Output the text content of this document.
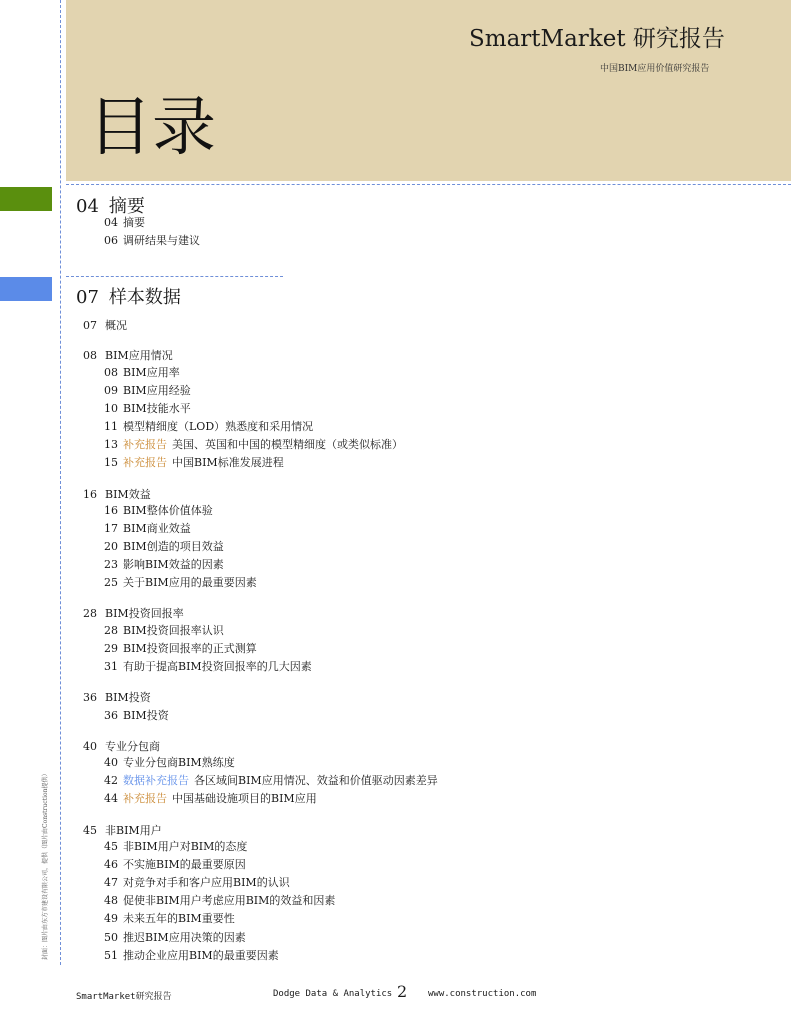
SmartMarket 研究报告
中国BIM应用价值研究报告
目录
04 摘要
04 摘要
06 调研结果与建议
07 样本数据
07 概况
08 BIM应用情况
08 BIM应用率
09 BIM应用经验
10 BIM技能水平
11 模型精细度（LOD）熟悉度和采用情况
13 补充报告 美国、英国和中国的模型精细度（或类似标准）
15 补充报告 中国BIM标准发展进程
16 BIM效益
16 BIM整体价值体验
17 BIM商业效益
20 BIM创造的项目效益
23 影响BIM效益的因素
25 关于BIM应用的最重要因素
28 BIM投资回报率
28 BIM投资回报率认识
29 BIM投资回报率的正式测算
31 有助于提高BIM投资回报率的几大因素
36 BIM投资
36 BIM投资
40 专业分包商
40 专业分包商BIM熟练度
42 数据补充报告 各区域间BIM应用情况、效益和价值驱动因素差异
44 补充报告 中国基础设施项目的BIM应用
45 非BIM用户
45 非BIM用户对BIM的态度
46 不实施BIM的最重要原因
47 对竞争对手和客户应用BIM的认识
48 促使非BIM用户考虑应用BIM的效益和因素
49 未来五年的BIM重要性
50 推迟BIM应用决策的因素
51 推动企业应用BIM的最重要因素
封面：图片由东方市建设有限公司，提供（图片由Construction提供）
SmartMarket研究报告	Dodge Data & Analytics 2 www.construction.com
